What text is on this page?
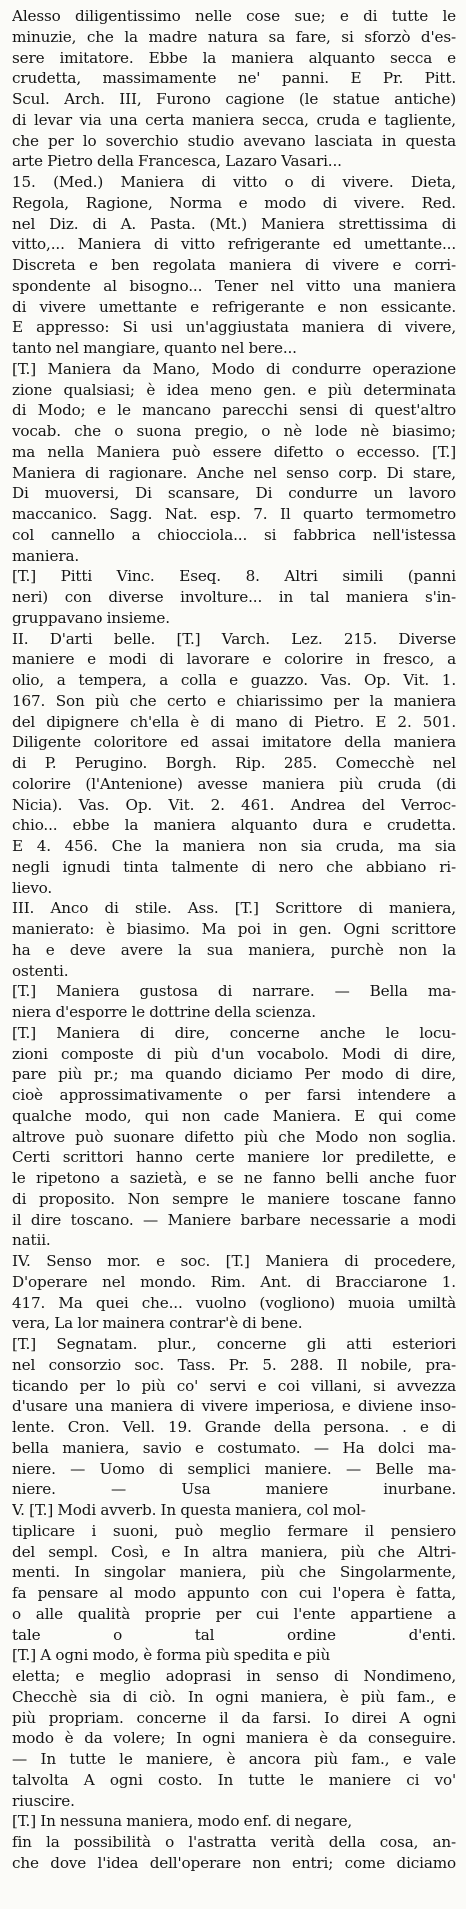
Alesso diligentissimo nelle cose sue; e di tutte le
minuzie, che la madre natura sa fare, si sforzò d'es-
sere imitatore. Ebbe la maniera alquanto secca e
crudetta, massimamente ne' panni. E Pr. Pitt.
Scul. Arch. III, Furono cagione (le statue antiche)
di levar via una certa maniera secca, cruda e tagliente,
che per lo soverchio studio avevano lasciata in questa
arte Pietro della Francesca, Lazaro Vasari...
15. (Med.) Maniera di vitto o di vivere. Dieta,
Regola, Ragione, Norma e modo di vivere. Red.
nel Diz. di A. Pasta. (Mt.) Maniera strettissima di
vitto,... Maniera di vitto refrigerante ed umettante...
Discreta e ben regolata maniera di vivere e corri-
spondente al bisogno... Tener nel vitto una maniera
di vivere umettante e refrigerante e non essicante.
E appresso: Si usi un'aggiustata maniera di vivere,
tanto nel mangiare, quanto nel bere...
[T.] Maniera da Mano, Modo di condurre operazione
zione qualsiasi; è idea meno gen. e più determinata
di Modo; e le mancano parecchi sensi di quest'altro
vocab. che o suona pregio, o nè lode nè biasimo;
ma nella Maniera può essere difetto o eccesso. [T.]
Maniera di ragionare. Anche nel senso corp. Di stare,
Di muoversi, Di scansare, Di condurre un lavoro
maccanico. Sagg. Nat. esp. 7. Il quarto termometro
col cannello a chiocciola... si fabbrica nell'istessa
maniera.
[T.] Pitti Vinc. Eseq. 8. Altri simili (panni
neri) con diverse involture... in tal maniera s'in-
gruppavano insieme.
II. D'arti belle. [T.] Varch. Lez. 215. Diverse
maniere e modi di lavorare e colorire in fresco, a
olio, a tempera, a colla e guazzo. Vas. Op. Vit. 1.
167. Son più che certo e chiarissimo per la maniera
del dipignere ch'ella è di mano di Pietro. E 2. 501.
Diligente coloritore ed assai imitatore della maniera
di P. Perugino. Borgh. Rip. 285. Comecchè nel
colorire (l'Antenione) avesse maniera più cruda (di
Nicia). Vas. Op. Vit. 2. 461. Andrea del Verroc-
chio... ebbe la maniera alquanto dura e crudetta.
E 4. 456. Che la maniera non sia cruda, ma sia
negli ignudi tinta talmente di nero che abbiano ri-
lievo.
III. Anco di stile. Ass. [T.] Scrittore di maniera,
manierato: è biasimo. Ma poi in gen. Ogni scrittore
ha e deve avere la sua maniera, purchè non la
ostenti.
[T.] Maniera gustosa di narrare. — Bella ma-
niera d'esporre le dottrine della scienza.
[T.] Maniera di dire, concerne anche le locu-
zioni composte di più d'un vocabolo. Modi di dire,
pare più pr.; ma quando diciamo Per modo di dire,
cioè approssimativamente o per farsi intendere a
qualche modo, qui non cade Maniera. E qui come
altrove può suonare difetto più che Modo non soglia.
Certi scrittori hanno certe maniere lor predilette, e
le ripetono a sazietà, e se ne fanno belli anche fuor
di proposito. Non sempre le maniere toscane fanno
il dire toscano. — Maniere barbare necessarie a modi
natii.
IV. Senso mor. e soc. [T.] Maniera di procedere,
D'operare nel mondo. Rim. Ant. di Bracciarone 1.
417. Ma quei che... vuolno (vogliono) muoia umiltà
vera, La lor mainera contrar'è di bene.
[T.] Segnatam. plur., concerne gli atti esteriori
nel consorzio soc. Tass. Pr. 5. 288. Il nobile, pra-
ticando per lo più co' servi e coi villani, si avvezza
d'usare una maniera di vivere imperiosa, e diviene inso-
lente. Cron. Vell. 19. Grande della persona. . e di
bella maniera, savio e costumato. — Ha dolci ma-
niere. — Uomo di semplici maniere. — Belle ma-
niere. — Usa maniere inurbane.
V. [T.] Modi avverb. In questa maniera, col mol-
tiplicare i suoni, può meglio fermare il pensiero
del sempl. Così, e In altra maniera, più che Altri-
menti. In singolar maniera, più che Singolarmente,
fa pensare al modo appunto con cui l'opera è fatta,
o alle qualità proprie per cui l'ente appartiene a
tale o tal ordine d'enti.
[T.] A ogni modo, è forma più spedita e più
eletta; e meglio adoprasi in senso di Nondimeno,
Checchè sia di ciò. In ogni maniera, è più fam., e
più propriam. concerne il da farsi. Io direi A ogni
modo è da volere; In ogni maniera è da conseguire.
— In tutte le maniere, è ancora più fam., e vale
talvolta A ogni costo. In tutte le maniere ci vo'
riuscire.
[T.] In nessuna maniera, modo enf. di negare,
fin la possibilità o l'astratta verità della cosa, an-
che dove l'idea dell'operare non entri; come diciamo
